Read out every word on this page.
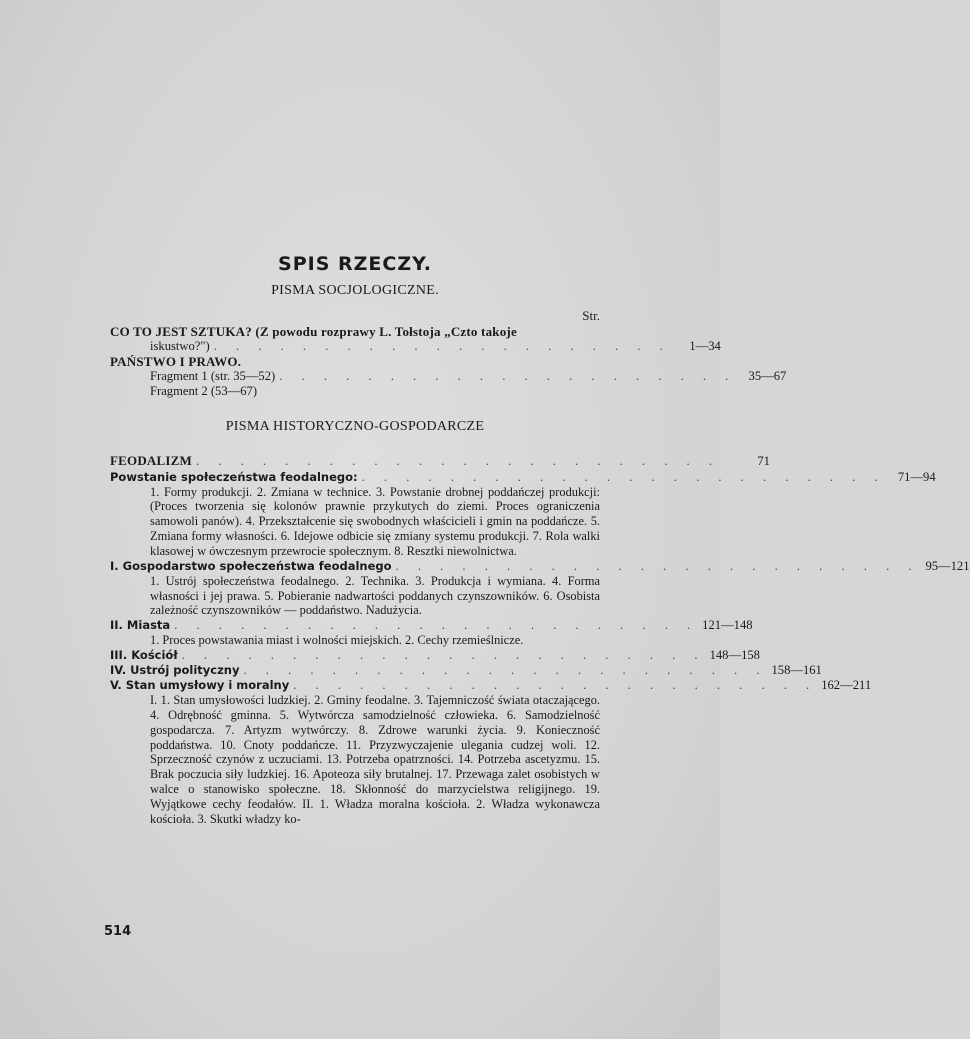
SPIS RZECZY.
PISMA SOCJOLOGICZNE.
Str.
CO TO JEST SZTUKA? (Z powodu rozprawy L. Tołstoja „Czto takoje
iskustwo?") . . . . . . . . . . . . . . . . . . . . .	1—34
PAŃSTWO I PRAWO.
Fragment 1 (str. 35—52) . . . . . . . . . . . . . . . . . . . . . 35—67
Fragment 2 (53—67)
PISMA HISTORYCZNO-GOSPODARCZE
FEODALIZM . . . . . . . . . . . . . . . . . . . . . . . .	71
Powstanie społeczeństwa feodalnego: . . . . . . . . . . . . . . . . . . . . . . . . 71—94
1. Formy produkcji. 2. Zmiana w technice. 3. Powstanie drobnej poddańczej produkcji: (Proces tworzenia się kolonów prawnie przykutych do ziemi. Proces ograniczenia samowoli panów). 4. Przekształcenie się swobodnych właścicieli i gmin na poddańcze. 5. Zmiana formy własności. 6. Idejowe odbicie się zmiany systemu produkcji. 7. Rola walki klasowej w ówczesnym przewrocie społecznym. 8. Resztki niewolnictwa.
I. Gospodarstwo społeczeństwa feodalnego . . . . . . . . . . . . . . . . . . . . . . . . 95—121
1. Ustrój społeczeństwa feodalnego. 2. Technika. 3. Produkcja i wymiana. 4. Forma własności i jej prawa. 5. Pobieranie nadwartości poddanych czynszowników. 6. Osobista zależność czynszowników — poddaństwo. Nadużycia.
II. Miasta . . . . . . . . . . . . . . . . . . . . . . . . 121—148
1. Proces powstawania miast i wolności miejskich. 2. Cechy rzemieślnicze.
III. Kościół . . . . . . . . . . . . . . . . . . . . . . . . 148—158
IV. Ustrój polityczny . . . . . . . . . . . . . . . . . . . . . . . . 158—161
V. Stan umysłowy i moralny . . . . . . . . . . . . . . . . . . . . . . . . 162—211
I. 1. Stan umysłowości ludzkiej. 2. Gminy feodalne. 3. Tajemniczość świata otaczającego. 4. Odrębność gminna. 5. Wytwórcza samodzielność człowieka. 6. Samodzielność gospodarcza. 7. Artyzm wytwórczy. 8. Zdrowe warunki życia. 9. Konieczność poddaństwa. 10. Cnoty poddańcze. 11. Przyzwyczajenie ulegania cudzej woli. 12. Sprzeczność czynów z uczuciami. 13. Potrzeba opatrzności. 14. Potrzeba ascetyzmu. 15. Brak poczucia siły ludzkiej. 16. Apoteoza siły brutalnej. 17. Przewaga zalet osobistych w walce o stanowisko społeczne. 18. Skłonność do marzycielstwa religijnego. 19. Wyjątkowe cechy feodałów. II. 1. Władza moralna kościoła. 2. Władza wykonawcza kościoła. 3. Skutki władzy ko-
514
